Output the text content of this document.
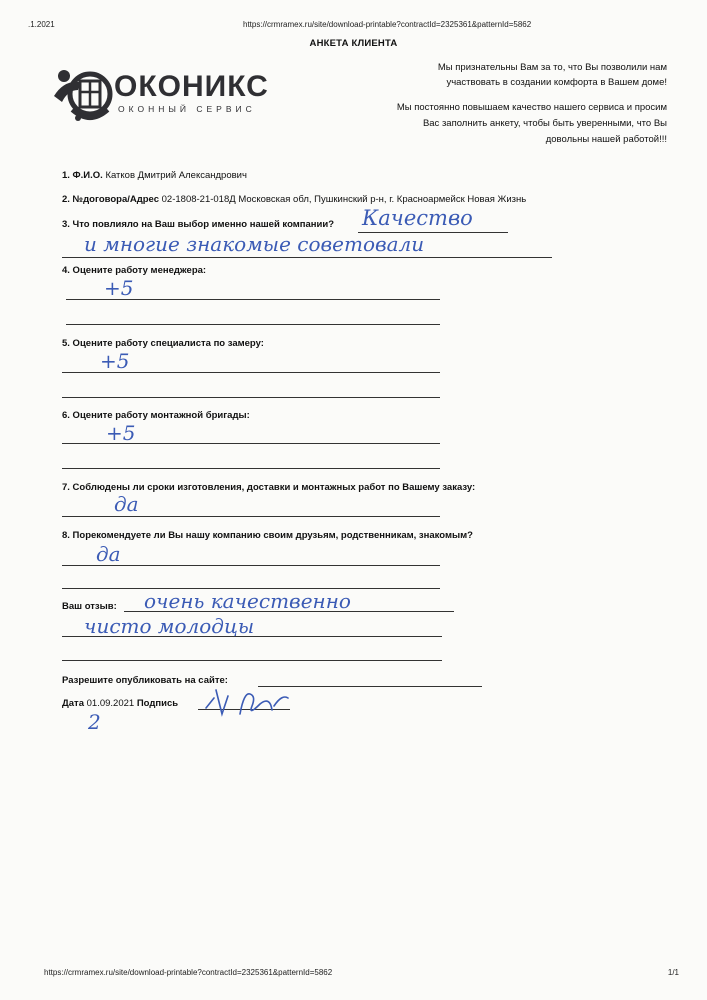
.1.2021	https://crmramex.ru/site/download-printable?contractId=2325361&patternId=5862
АНКЕТА КЛИЕНТА
ОКОНИКС
ОКОННЫЙ СЕРВИС
Мы признательны Вам за то, что Вы позволили нам
участвовать в создании комфорта в Вашем доме!
Мы постоянно повышаем качество нашего сервиса и просим
Вас заполнить анкету, чтобы быть уверенными, что Вы
довольны нашей работой!!!
1. Ф.И.О. Катков Дмитрий Александрович
2. №договора/Адрес 02-1808-21-018Д Московская обл, Пушкинский р-н, г. Красноармейск Новая Жизнь
3. Что повлияло на Ваш выбор именно нашей компании? Качество
и многие знакомые советовали
4. Оцените работу менеджера:
+5
5. Оцените работу специалиста по замеру:
+5
6. Оцените работу монтажной бригады:
+5
7. Соблюдены ли сроки изготовления, доставки и монтажных работ по Вашему заказу:
да
8. Порекомендуете ли Вы нашу компанию своим друзьям, родственникам, знакомым?
да
Ваш отзыв: очень качественно
чисто молодцы
Разрешите опубликовать на сайте:
Дата 01.09.2021 Подпись
2
https://crmramex.ru/site/download-printable?contractId=2325361&patternId=5862	1/1
